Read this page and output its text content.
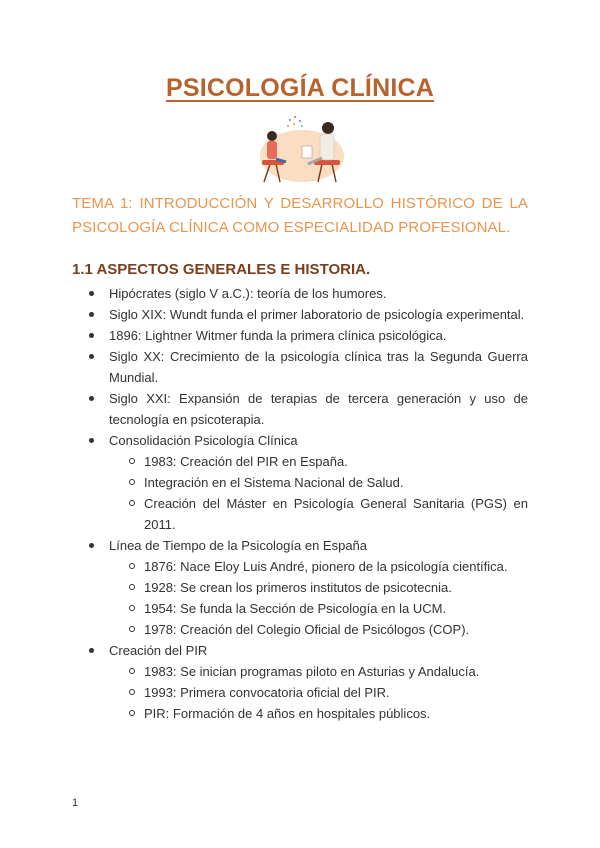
PSICOLOGÍA CLÍNICA

TEMA 1: INTRODUCCIÓN Y DESARROLLO HISTÓRICO DE LA PSICOLOGÍA CLÍNICA COMO ESPECIALIDAD PROFESIONAL.

1.1 ASPECTOS GENERALES E HISTORIA.
Hipócrates (siglo V a.C.): teoría de los humores.
Siglo XIX: Wundt funda el primer laboratorio de psicología experimental.
1896: Lightner Witmer funda la primera clínica psicológica.
Siglo XX: Crecimiento de la psicología clínica tras la Segunda Guerra Mundial.
Siglo XXI: Expansión de terapias de tercera generación y uso de tecnología en psicoterapia.
Consolidación Psicología Clínica
1983: Creación del PIR en España.
Integración en el Sistema Nacional de Salud.
Creación del Máster en Psicología General Sanitaria (PGS) en 2011.
Línea de Tiempo de la Psicología en España
1876: Nace Eloy Luis André, pionero de la psicología científica.
1928: Se crean los primeros institutos de psicotecnia.
1954: Se funda la Sección de Psicología en la UCM.
1978: Creación del Colegio Oficial de Psicólogos (COP).
Creación del PIR
1983: Se inician programas piloto en Asturias y Andalucía.
1993: Primera convocatoria oficial del PIR.
PIR: Formación de 4 años en hospitales públicos.
1
